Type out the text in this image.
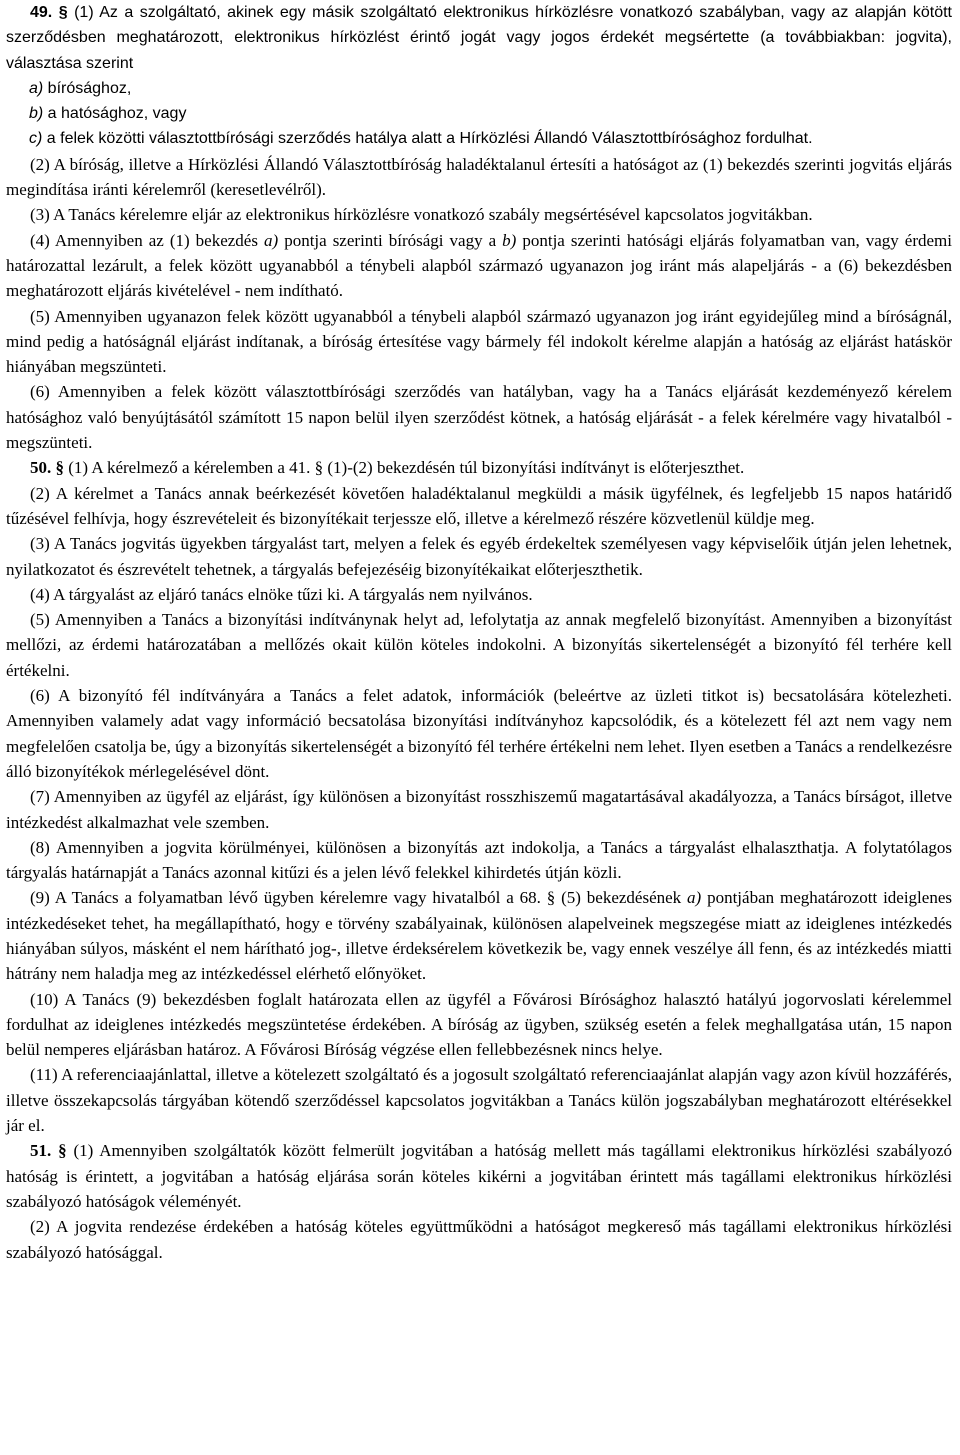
49. § (1) Az a szolgáltató, akinek egy másik szolgáltató elektronikus hírközlésre vonatkozó szabályban, vagy az alapján kötött szerződésben meghatározott, elektronikus hírközlést érintő jogát vagy jogos érdekét megsértette (a továbbiakban: jogvita), választása szerint

a) bírósághoz,

b) a hatósághoz, vagy

c) a felek közötti választottbírósági szerződés hatálya alatt a Hírközlési Állandó Választottbírósághoz fordulhat.

(2) A bíróság, illetve a Hírközlési Állandó Választottbíróság haladéktalanul értesíti a hatóságot az (1) bekezdés szerinti jogvitás eljárás megindítása iránti kérelemről (keresetlevélről).

(3) A Tanács kérelemre eljár az elektronikus hírközlésre vonatkozó szabály megsértésével kapcsolatos jogvitákban.

(4) Amennyiben az (1) bekezdés a) pontja szerinti bírósági vagy a b) pontja szerinti hatósági eljárás folyamatban van, vagy érdemi határozattal lezárult, a felek között ugyanabból a ténybeli alapból származó ugyanazon jog iránt más alapeljárás - a (6) bekezdésben meghatározott eljárás kivételével - nem indítható.

(5) Amennyiben ugyanazon felek között ugyanabból a ténybeli alapból származó ugyanazon jog iránt egyidejűleg mind a bíróságnál, mind pedig a hatóságnál eljárást indítanak, a bíróság értesítése vagy bármely fél indokolt kérelme alapján a hatóság az eljárást hatáskör hiányában megszünteti.

(6) Amennyiben a felek között választottbírósági szerződés van hatályban, vagy ha a Tanács eljárását kezdeményező kérelem hatósághoz való benyújtásától számított 15 napon belül ilyen szerződést kötnek, a hatóság eljárását - a felek kérelmére vagy hivatalból - megszünteti.

50. § (1) A kérelmező a kérelemben a 41. § (1)-(2) bekezdésén túl bizonyítási indítványt is előterjeszthet.

(2) A kérelmet a Tanács annak beérkezését követően haladéktalanul megküldi a másik ügyfélnek, és legfeljebb 15 napos határidő tűzésével felhívja, hogy észrevételeit és bizonyítékait terjessze elő, illetve a kérelmező részére közvetlenül küldje meg.

(3) A Tanács jogvitás ügyekben tárgyalást tart, melyen a felek és egyéb érdekeltek személyesen vagy képviselőik útján jelen lehetnek, nyilatkozatot és észrevételt tehetnek, a tárgyalás befejezéséig bizonyítékaikat előterjeszthetik.

(4) A tárgyalást az eljáró tanács elnöke tűzi ki. A tárgyalás nem nyilvános.

(5) Amennyiben a Tanács a bizonyítási indítványnak helyt ad, lefolytatja az annak megfelelő bizonyítást. Amennyiben a bizonyítást mellőzi, az érdemi határozatában a mellőzés okait külön köteles indokolni. A bizonyítás sikertelenségét a bizonyító fél terhére kell értékelni.

(6) A bizonyító fél indítványára a Tanács a felet adatok, információk (beleértve az üzleti titkot is) becsatolására kötelezheti. Amennyiben valamely adat vagy információ becsatolása bizonyítási indítványhoz kapcsolódik, és a kötelezett fél azt nem vagy nem megfelelően csatolja be, úgy a bizonyítás sikertelenségét a bizonyító fél terhére értékelni nem lehet. Ilyen esetben a Tanács a rendelkezésre álló bizonyítékok mérlegelésével dönt.

(7) Amennyiben az ügyfél az eljárást, így különösen a bizonyítást rosszhiszemű magatartásával akadályozza, a Tanács bírságot, illetve intézkedést alkalmazhat vele szemben.

(8) Amennyiben a jogvita körülményei, különösen a bizonyítás azt indokolja, a Tanács a tárgyalást elhalaszthatja. A folytatólagos tárgyalás határnapját a Tanács azonnal kitűzi és a jelen lévő felekkel kihirdetés útján közli.

(9) A Tanács a folyamatban lévő ügyben kérelemre vagy hivatalból a 68. § (5) bekezdésének a) pontjában meghatározott ideiglenes intézkedéseket tehet, ha megállapítható, hogy e törvény szabályainak, különösen alapelveinek megszegése miatt az ideiglenes intézkedés hiányában súlyos, másként el nem hárítható jog-, illetve érdeksérelem következik be, vagy ennek veszélye áll fenn, és az intézkedés miatti hátrány nem haladja meg az intézkedéssel elérhető előnyöket.

(10) A Tanács (9) bekezdésben foglalt határozata ellen az ügyfél a Fővárosi Bírósághoz halasztó hatályú jogorvoslati kérelemmel fordulhat az ideiglenes intézkedés megszüntetése érdekében. A bíróság az ügyben, szükség esetén a felek meghallgatása után, 15 napon belül nemperes eljárásban határoz. A Fővárosi Bíróság végzése ellen fellebbezésnek nincs helye.

(11) A referenciaajánlattal, illetve a kötelezett szolgáltató és a jogosult szolgáltató referenciaajánlat alapján vagy azon kívül hozzáférés, illetve összekapcsolás tárgyában kötendő szerződéssel kapcsolatos jogvitákban a Tanács külön jogszabályban meghatározott eltérésekkel jár el.

51. § (1) Amennyiben szolgáltatók között felmerült jogvitában a hatóság mellett más tagállami elektronikus hírközlési szabályozó hatóság is érintett, a jogvitában a hatóság eljárása során köteles kikérni a jogvitában érintett más tagállami elektronikus hírközlési szabályozó hatóságok véleményét.

(2) A jogvita rendezése érdekében a hatóság köteles együttműködni a hatóságot megkereső más tagállami elektronikus hírközlési szabályozó hatósággal.
